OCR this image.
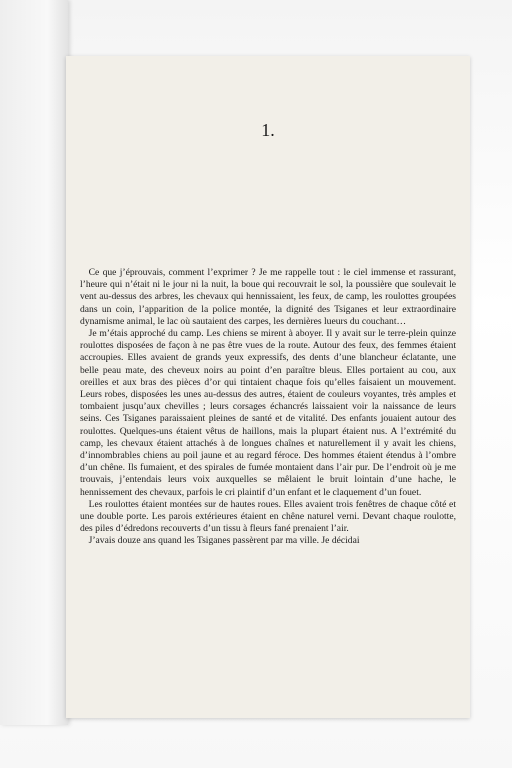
1.

Ce que j’éprouvais, comment l’exprimer ? Je me rappelle tout : le ciel immense et rassurant, l’heure qui n’était ni le jour ni la nuit, la boue qui recouvrait le sol, la poussière que soulevait le vent au-dessus des arbres, les chevaux qui hennissaient, les feux, de camp, les roulottes groupées dans un coin, l’apparition de la police montée, la dignité des Tsiganes et leur extraordinaire dynamisme animal, le lac où sautaient des carpes, les dernières lueurs du couchant…

Je m’étais approché du camp. Les chiens se mirent à aboyer. Il y avait sur le terre-plein quinze roulottes disposées de façon à ne pas être vues de la route. Autour des feux, des femmes étaient accroupies. Elles avaient de grands yeux expressifs, des dents d’une blancheur éclatante, une belle peau mate, des cheveux noirs au point d’en paraître bleus. Elles portaient au cou, aux oreilles et aux bras des pièces d’or qui tintaient chaque fois qu’elles faisaient un mouvement. Leurs robes, disposées les unes au-dessus des autres, étaient de couleurs voyantes, très amples et tombaient jusqu’aux chevilles ; leurs corsages échancrés laissaient voir la naissance de leurs seins. Ces Tsiganes paraissaient pleines de santé et de vitalité. Des enfants jouaient autour des roulottes. Quelques-uns étaient vêtus de haillons, mais la plupart étaient nus. A l’extrémité du camp, les chevaux étaient attachés à de longues chaînes et naturellement il y avait les chiens, d’innombrables chiens au poil jaune et au regard féroce. Des hommes étaient étendus à l’ombre d’un chêne. Ils fumaient, et des spirales de fumée montaient dans l’air pur. De l’endroit où je me trouvais, j’entendais leurs voix auxquelles se mêlaient le bruit lointain d’une hache, le hennissement des chevaux, parfois le cri plaintif d’un enfant et le claquement d’un fouet.

Les roulottes étaient montées sur de hautes roues. Elles avaient trois fenêtres de chaque côté et une double porte. Les parois extérieures étaient en chêne naturel verni. Devant chaque roulotte, des piles d’édredons recouverts d’un tissu à fleurs fané prenaient l’air.

J’avais douze ans quand les Tsiganes passèrent par ma ville. Je décidai
